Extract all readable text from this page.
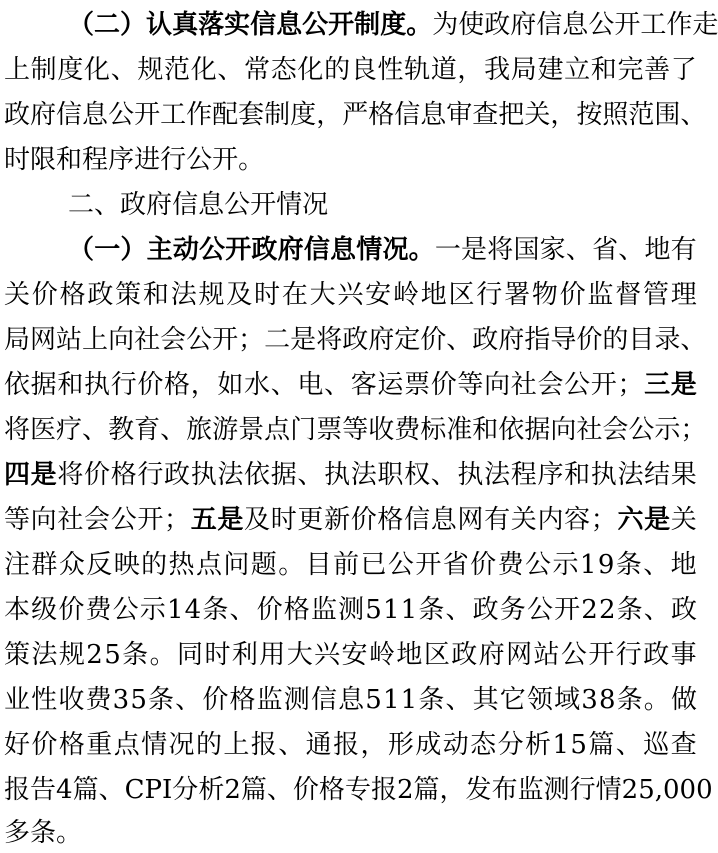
（ 二 ） 认 真 落 实 信 息 公 开 制 度 。 为 使 政 府 信 息 公 开 工 作 走
上 制 度 化 、 规 范 化 、 常 态 化 的 良 性 轨 道 ， 我 局 建 立 和 完 善 了
政 府 信 息 公 开 工 作 配 套 制 度 ， 严 格 信 息 审 查 把 关 ， 按 照 范 围 、
时 限 和 程 序 进 行 公 开 。
二 、 政 府 信 息 公 开 情 况
（ 一 ） 主 动 公 开 政 府 信 息 情 况 。 一 是 将 国 家 、 省 、 地 有
关 价 格 政 策 和 法 规 及 时 在 大 兴 安 岭 地 区 行 署 物 价 监 督 管 理
局 网 站 上 向 社 会 公 开 ； 二 是 将 政 府 定 价 、 政 府 指 导 价 的 目 录 、
依 据 和 执 行 价 格 ， 如 水 、 电 、 客 运 票 价 等 向 社 会 公 开 ； 三 是
将 医 疗 、 教 育 、 旅 游 景 点 门 票 等 收 费 标 准 和 依 据 向 社 会 公 示 ；
四 是 将 价 格 行 政 执 法 依 据 、 执 法 职 权 、 执 法 程 序 和 执 法 结 果
等 向 社 会 公 开 ； 五 是 及 时 更 新 价 格 信 息 网 有 关 内 容 ； 六 是 关
注 群 众 反 映 的 热 点 问 题 。 目 前 已 公 开 省 价 费 公 示 1 9 条 、 地
本 级 价 费 公 示 1 4 条 、 价 格 监 测 5 1 1 条 、 政 务 公 开 2 2 条 、 政
策 法 规 2 5 条 。 同 时 利 用 大 兴 安 岭 地 区 政 府 网 站 公 开 行 政 事
业 性 收 费 3 5 条 、 价 格 监 测 信 息 5 1 1 条 、 其 它 领 域 3 8 条 。 做
好 价 格 重 点 情 况 的 上 报 、 通 报 ， 形 成 动 态 分 析 1 5 篇 、 巡 查
报 告 4 篇 、 C P I 分 析 2 篇 、 价 格 专 报 2 篇 ， 发 布 监 测 行 情 2 5 , 0 0 0
多 条 。
